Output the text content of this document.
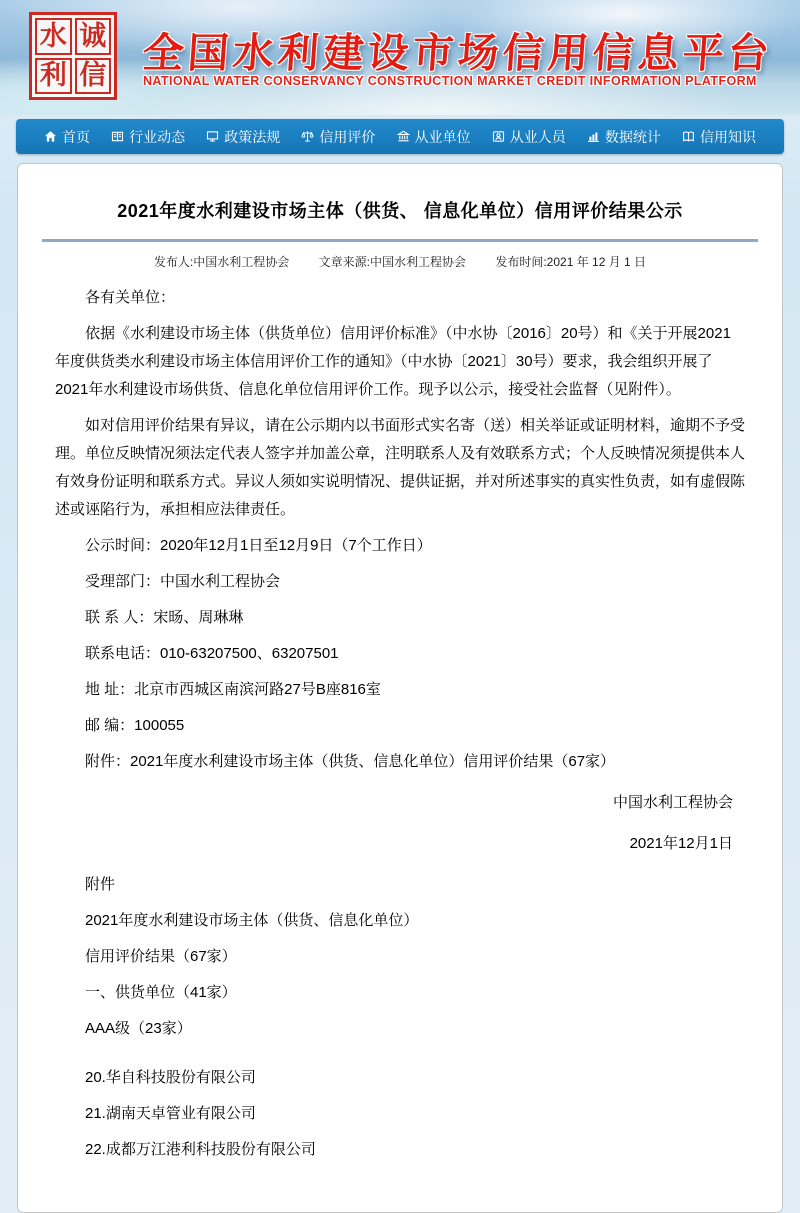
水 诚
利 信 全国水利建设市场信用信息平台
NATIONAL WATER CONSERVANCY CONSTRUCTION MARKET CREDIT INFORMATION PLATFORM
首页	行业动态	政策法规	信用评价	从业单位	从业人员	数据统计	信用知识
2021年度水利建设市场主体（供货、 信息化单位）信用评价结果公示
发布人:中国水利工程协会 文章来源:中国水利工程协会 发布时间:2021 年 12 月 1 日

各有关单位：

依据《水利建设市场主体（供货单位）信用评价标准》（中水协〔2016〕20号）和《关于开展2021年度供货类水利建设市场主体信用评价工作的通知》（中水协〔2021〕30号）要求，我会组织开展了2021年水利建设市场供货、信息化单位信用评价工作。现予以公示，接受社会监督（见附件）。

如对信用评价结果有异议，请在公示期内以书面形式实名寄（送）相关举证或证明材料，逾期不予受理。单位反映情况须法定代表人签字并加盖公章，注明联系人及有效联系方式；个人反映情况须提供本人有效身份证明和联系方式。异议人须如实说明情况、提供证据，并对所述事实的真实性负责，如有虚假陈述或诬陷行为，承担相应法律责任。

公示时间：2020年12月1日至12月9日（7个工作日）

受理部门：中国水利工程协会

联 系 人：宋旸、周琳琳

联系电话：010-63207500、63207501

地 址：北京市西城区南滨河路27号B座816室

邮 编：100055

附件：2021年度水利建设市场主体（供货、信息化单位）信用评价结果（67家）

中国水利工程协会

2021年12月1日

附件

2021年度水利建设市场主体（供货、信息化单位）

信用评价结果（67家）

一、供货单位（41家）

AAA级（23家）

20.华自科技股份有限公司

21.湖南天卓管业有限公司

22.成都万江港利科技股份有限公司
